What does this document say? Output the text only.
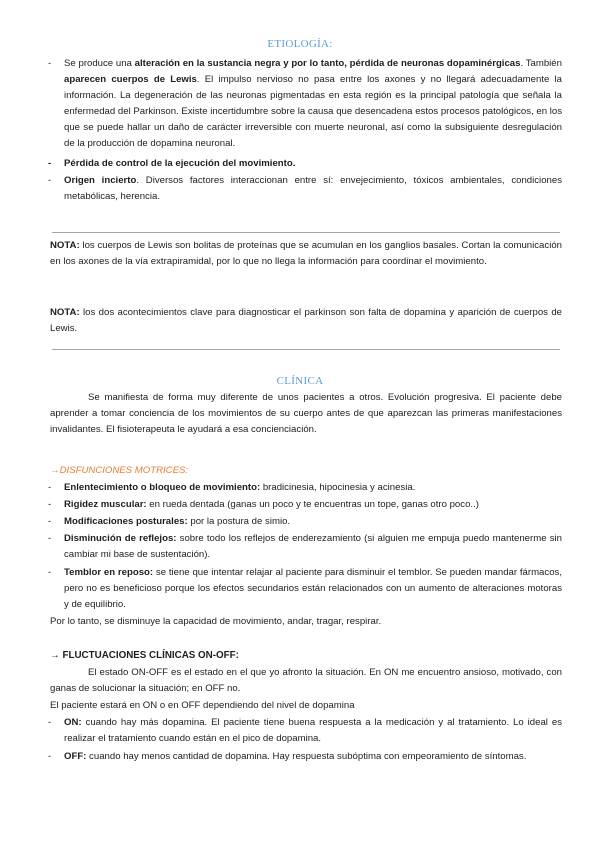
ETIOLOGÍA:
-	Se produce una alteración en la sustancia negra y por lo tanto, pérdida de neuronas dopaminérgicas. También aparecen cuerpos de Lewis. El impulso nervioso no pasa entre los axones y no llegará adecuadamente la información. La degeneración de las neuronas pigmentadas en esta región es la principal patología que señala la enfermedad del Parkinson. Existe incertidumbre sobre la causa que desencadena estos procesos patológicos, en los que se puede hallar un daño de carácter irreversible con muerte neuronal, así como la subsiguiente desregulación de la producción de dopamina neuronal.

-	Pérdida de control de la ejecución del movimiento.

-	Origen incierto. Diversos factores interaccionan entre sí: envejecimiento, tóxicos ambientales, condiciones metabólicas, herencia.

NOTA: los cuerpos de Lewis son bolitas de proteínas que se acumulan en los ganglios basales. Cortan la comunicación en los axones de la vía extrapiramidal, por lo que no llega la información para coordinar el movimiento.

NOTA: los dos acontecimientos clave para diagnosticar el parkinson son falta de dopamina y aparición de cuerpos de Lewis.

CLÍNICA

Se manifiesta de forma muy diferente de unos pacientes a otros. Evolución progresiva. El paciente debe aprender a tomar conciencia de los movimientos de su cuerpo antes de que aparezcan las primeras manifestaciones invalidantes. El fisioterapeuta le ayudará a esa concienciación.

→DISFUNCIONES MOTRICES:

-	Enlentecimiento o bloqueo de movimiento: bradicinesia, hipocinesia y acinesia.

-	Rigidez muscular: en rueda dentada (ganas un poco y te encuentras un tope, ganas otro poco..)

-	Modificaciones posturales: por la postura de simio.

-	Disminución de reflejos: sobre todo los reflejos de enderezamiento (si alguien me empuja puedo mantenerme sin cambiar mi base de sustentación).

-	Temblor en reposo: se tiene que intentar relajar al paciente para disminuir el temblor. Se pueden mandar fármacos, pero no es beneficioso porque los efectos secundarios están relacionados con un aumento de alteraciones motoras y de equilibrio.

Por lo tanto, se disminuye la capacidad de movimiento, andar, tragar, respirar.

→ FLUCTUACIONES CLÍNICAS ON-OFF:

El estado ON-OFF es el estado en el que yo afronto la situación. En ON me encuentro ansioso, motivado, con ganas de solucionar la situación; en OFF no.

El paciente estará en ON o en OFF dependiendo del nivel de dopamina

-	ON: cuando hay más dopamina. El paciente tiene buena respuesta a la medicación y al tratamiento. Lo ideal es realizar el tratamiento cuando están en el pico de dopamina.

-	OFF: cuando hay menos cantidad de dopamina. Hay respuesta subóptima con empeoramiento de síntomas.
